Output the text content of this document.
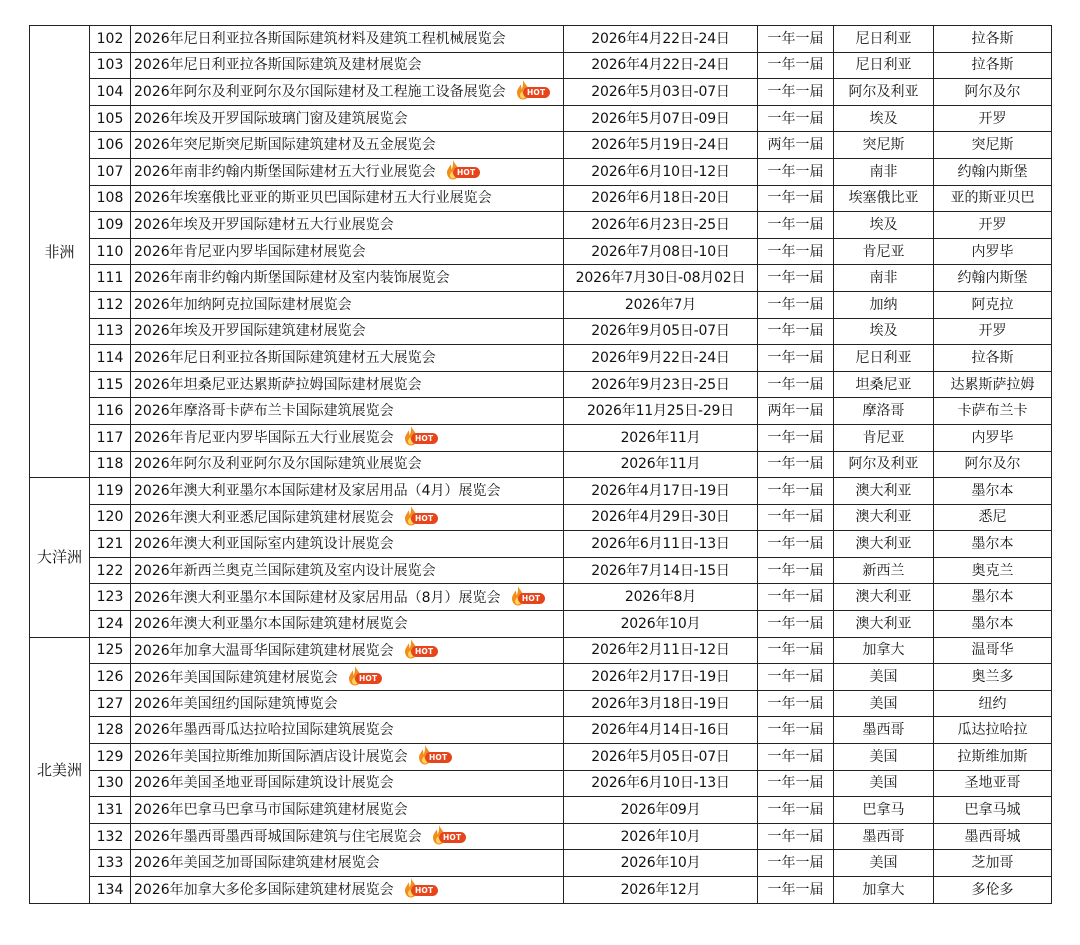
非洲	102	2026年尼日利亚拉各斯国际建筑材料及建筑工程机械展览会	2026年4月22日-24日	一年一届	尼日利亚	拉各斯
	103	2026年尼日利亚拉各斯国际建筑及建材展览会	2026年4月22日-24日	一年一届	尼日利亚	拉各斯
	104	2026年阿尔及利亚阿尔及尔国际建材及工程施工设备展览会 HOT	2026年5月03日-07日	一年一届	阿尔及利亚	阿尔及尔
	105	2026年埃及开罗国际玻璃门窗及建筑展览会	2026年5月07日-09日	一年一届	埃及	开罗
	106	2026年突尼斯突尼斯国际建筑建材及五金展览会	2026年5月19日-24日	两年一届	突尼斯	突尼斯
	107	2026年南非约翰内斯堡国际建材五大行业展览会 HOT	2026年6月10日-12日	一年一届	南非	约翰内斯堡
	108	2026年埃塞俄比亚亚的斯亚贝巴国际建材五大行业展览会	2026年6月18日-20日	一年一届	埃塞俄比亚	亚的斯亚贝巴
	109	2026年埃及开罗国际建材五大行业展览会	2026年6月23日-25日	一年一届	埃及	开罗
	110	2026年肯尼亚内罗毕国际建材展览会	2026年7月08日-10日	一年一届	肯尼亚	内罗毕
	111	2026年南非约翰内斯堡国际建材及室内装饰展览会	2026年7月30日-08月02日	一年一届	南非	约翰内斯堡
	112	2026年加纳阿克拉国际建材展览会	2026年7月	一年一届	加纳	阿克拉
	113	2026年埃及开罗国际建筑建材展览会	2026年9月05日-07日	一年一届	埃及	开罗
	114	2026年尼日利亚拉各斯国际建筑建材五大展览会	2026年9月22日-24日	一年一届	尼日利亚	拉各斯
	115	2026年坦桑尼亚达累斯萨拉姆国际建材展览会	2026年9月23日-25日	一年一届	坦桑尼亚	达累斯萨拉姆
	116	2026年摩洛哥卡萨布兰卡国际建筑展览会	2026年11月25日-29日	两年一届	摩洛哥	卡萨布兰卡
	117	2026年肯尼亚内罗毕国际五大行业展览会 HOT	2026年11月	一年一届	肯尼亚	内罗毕
	118	2026年阿尔及利亚阿尔及尔国际建筑业展览会	2026年11月	一年一届	阿尔及利亚	阿尔及尔
大洋洲	119	2026年澳大利亚墨尔本国际建材及家居用品（4月）展览会	2026年4月17日-19日	一年一届	澳大利亚	墨尔本
	120	2026年澳大利亚悉尼国际建筑建材展览会 HOT	2026年4月29日-30日	一年一届	澳大利亚	悉尼
	121	2026年澳大利亚国际室内建筑设计展览会	2026年6月11日-13日	一年一届	澳大利亚	墨尔本
	122	2026年新西兰奥克兰国际建筑及室内设计展览会	2026年7月14日-15日	一年一届	新西兰	奥克兰
	123	2026年澳大利亚墨尔本国际建材及家居用品（8月）展览会 HOT	2026年8月	一年一届	澳大利亚	墨尔本
	124	2026年澳大利亚墨尔本国际建筑建材展览会	2026年10月	一年一届	澳大利亚	墨尔本
北美洲	125	2026年加拿大温哥华国际建筑建材展览会 HOT	2026年2月11日-12日	一年一届	加拿大	温哥华
	126	2026年美国国际建筑建材展览会 HOT	2026年2月17日-19日	一年一届	美国	奥兰多
	127	2026年美国纽约国际建筑博览会	2026年3月18日-19日	一年一届	美国	纽约
	128	2026年墨西哥瓜达拉哈拉国际建筑展览会	2026年4月14日-16日	一年一届	墨西哥	瓜达拉哈拉
	129	2026年美国拉斯维加斯国际酒店设计展览会 HOT	2026年5月05日-07日	一年一届	美国	拉斯维加斯
	130	2026年美国圣地亚哥国际建筑设计展览会	2026年6月10日-13日	一年一届	美国	圣地亚哥
	131	2026年巴拿马巴拿马市国际建筑建材展览会	2026年09月	一年一届	巴拿马	巴拿马城
	132	2026年墨西哥墨西哥城国际建筑与住宅展览会 HOT	2026年10月	一年一届	墨西哥	墨西哥城
	133	2026年美国芝加哥国际建筑建材展览会	2026年10月	一年一届	美国	芝加哥
	134	2026年加拿大多伦多国际建筑建材展览会 HOT	2026年12月	一年一届	加拿大	多伦多
